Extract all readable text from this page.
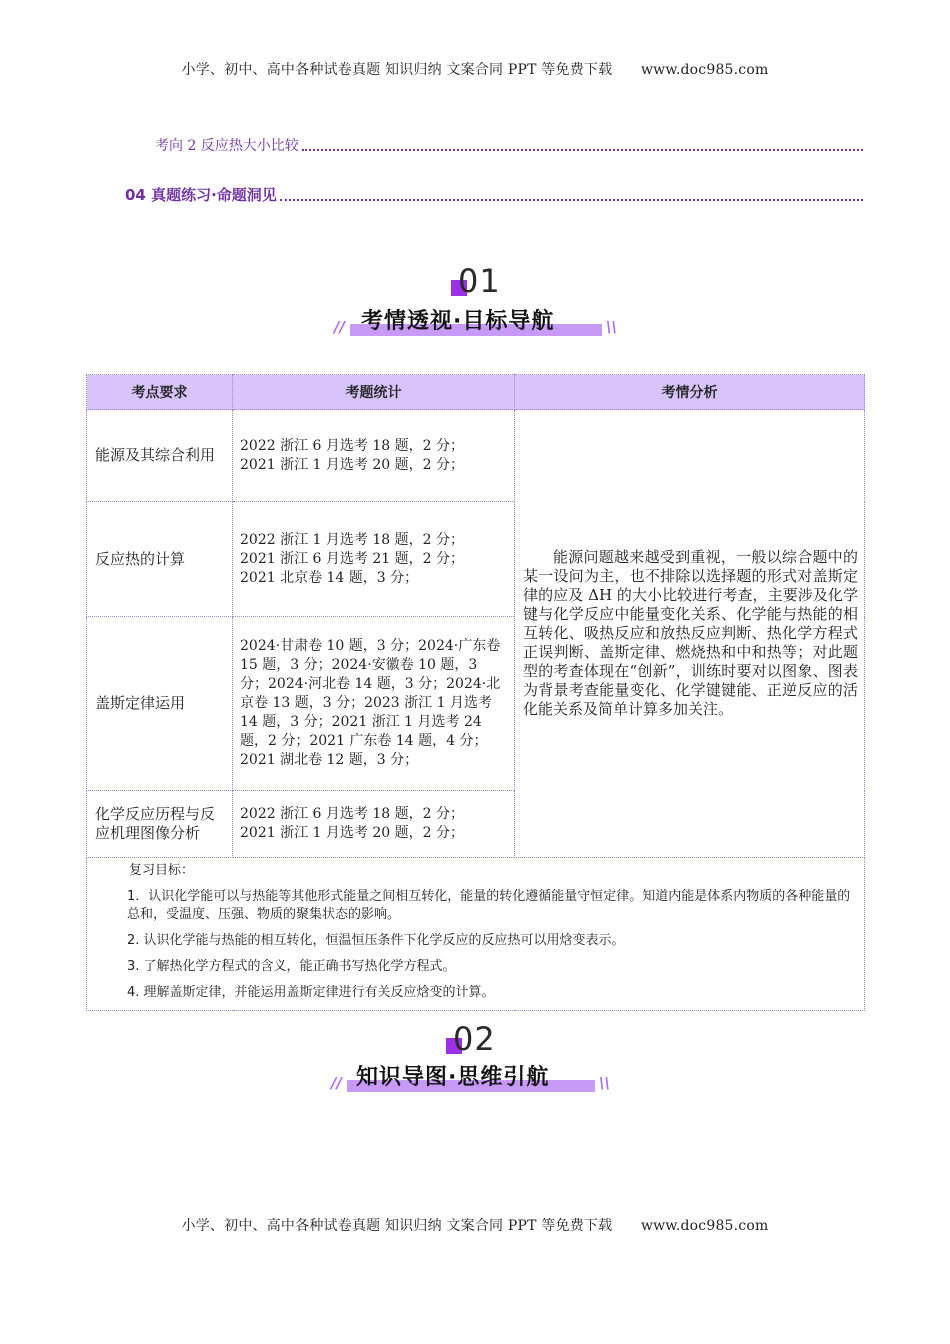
小学、初中、高中各种试卷真题 知识归纳 文案合同 PPT 等免费下载 www.doc985.com
考向 2 反应热大小比较
04 真题练习·命题洞见
01
// 考情透视·目标导航	\\
考点要求	考题统计	考情分析
能源及其综合利用	2022 浙江 6 月选考 18 题，2 分；
2021 浙江 1 月选考 20 题，2 分；	能源问题越来越受到重视，一般以综合题中的某一设问为主，也不排除以选择题的形式对盖斯定律的应及 ΔH 的大小比较进行考查，主要涉及化学键与化学反应中能量变化关系、化学能与热能的相互转化、吸热反应和放热反应判断、热化学方程式正误判断、盖斯定律、燃烧热和中和热等；对此题型的考查体现在“创新”，训练时要对以图象、图表为背景考查能量变化、化学键键能、正逆反应的活化能关系及简单计算多加关注。
反应热的计算	2022 浙江 1 月选考 18 题，2 分；
2021 浙江 6 月选考 21 题，2 分；
2021 北京卷 14 题，3 分；	

盖斯定律运用	2024·甘肃卷 10 题，3 分；2024·广东卷 15 题，3 分；2024·安徽卷 10 题，3 分；2024·河北卷 14 题，3 分；2024·北京卷 13 题，3 分；2023 浙江 1 月选考 14 题，3 分；2021 浙江 1 月选考 24 题，2 分；2021 广东卷 14 题，4 分；2021 湖北卷 12 题，3 分；	

化学反应历程与反应机理图像分析	2022 浙江 6 月选考 18 题，2 分；
2021 浙江 1 月选考 20 题，2 分；	

复习目标：
1．认识化学能可以与热能等其他形式能量之间相互转化，能量的转化遵循能量守恒定律。知道内能是体系内物质的各种能量的总和，受温度、压强、物质的聚集状态的影响。
2. 认识化学能与热能的相互转化，恒温恒压条件下化学反应的反应热可以用焓变表示。
3. 了解热化学方程式的含义，能正确书写热化学方程式。
4. 理解盖斯定律，并能运用盖斯定律进行有关反应焓变的计算。		
02
// 知识导图·思维引航	\\
小学、初中、高中各种试卷真题 知识归纳 文案合同 PPT 等免费下载 www.doc985.com
